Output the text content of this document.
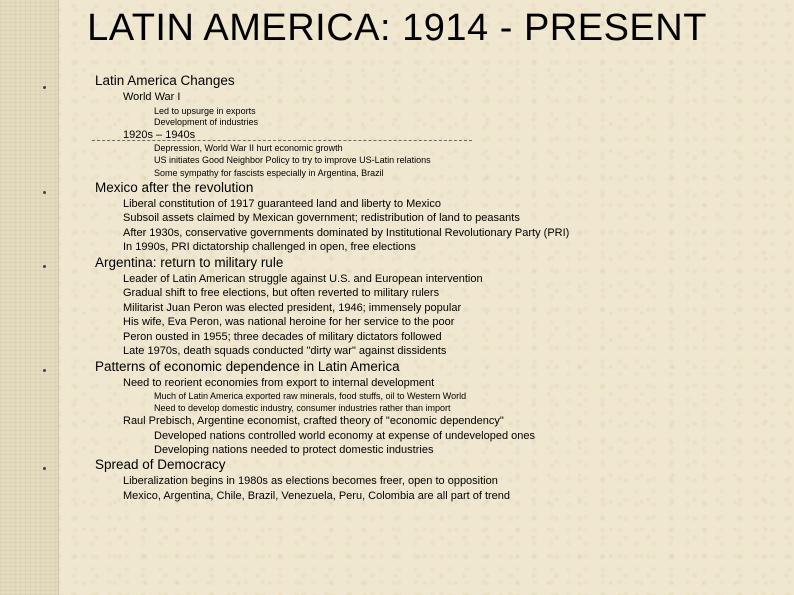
LATIN AMERICA: 1914 - PRESENT
Latin America Changes
World War I
Led to upsurge in exports
Development of industries
1920s – 1940s
Depression, World War II hurt economic growth
US initiates Good Neighbor Policy to try to improve US-Latin relations
Some sympathy for fascists especially in Argentina, Brazil
Mexico after the revolution
Liberal constitution of 1917 guaranteed land and liberty to Mexico
Subsoil assets claimed by Mexican government; redistribution of land to peasants
After 1930s, conservative governments dominated by Institutional Revolutionary Party (PRI)
In 1990s, PRI dictatorship challenged in open, free elections
Argentina: return to military rule
Leader of Latin American struggle against U.S. and European intervention
Gradual shift to free elections, but often reverted to military rulers
Militarist Juan Peron was elected president, 1946; immensely popular
His wife, Eva Peron, was national heroine for her service to the poor
Peron ousted in 1955; three decades of military dictators followed
Late 1970s, death squads conducted "dirty war" against dissidents
Patterns of economic dependence in Latin America
Need to reorient economies from export to internal development
Much of Latin America exported raw minerals, food stuffs, oil to Western World
Need to develop domestic industry, consumer industries rather than import
Raul Prebisch, Argentine economist, crafted theory of "economic dependency"
Developed nations controlled world economy at expense of undeveloped ones
Developing nations needed to protect domestic industries
Spread of Democracy
Liberalization begins in 1980s as elections becomes freer, open to opposition
Mexico, Argentina, Chile, Brazil, Venezuela, Peru, Colombia are all part of trend
